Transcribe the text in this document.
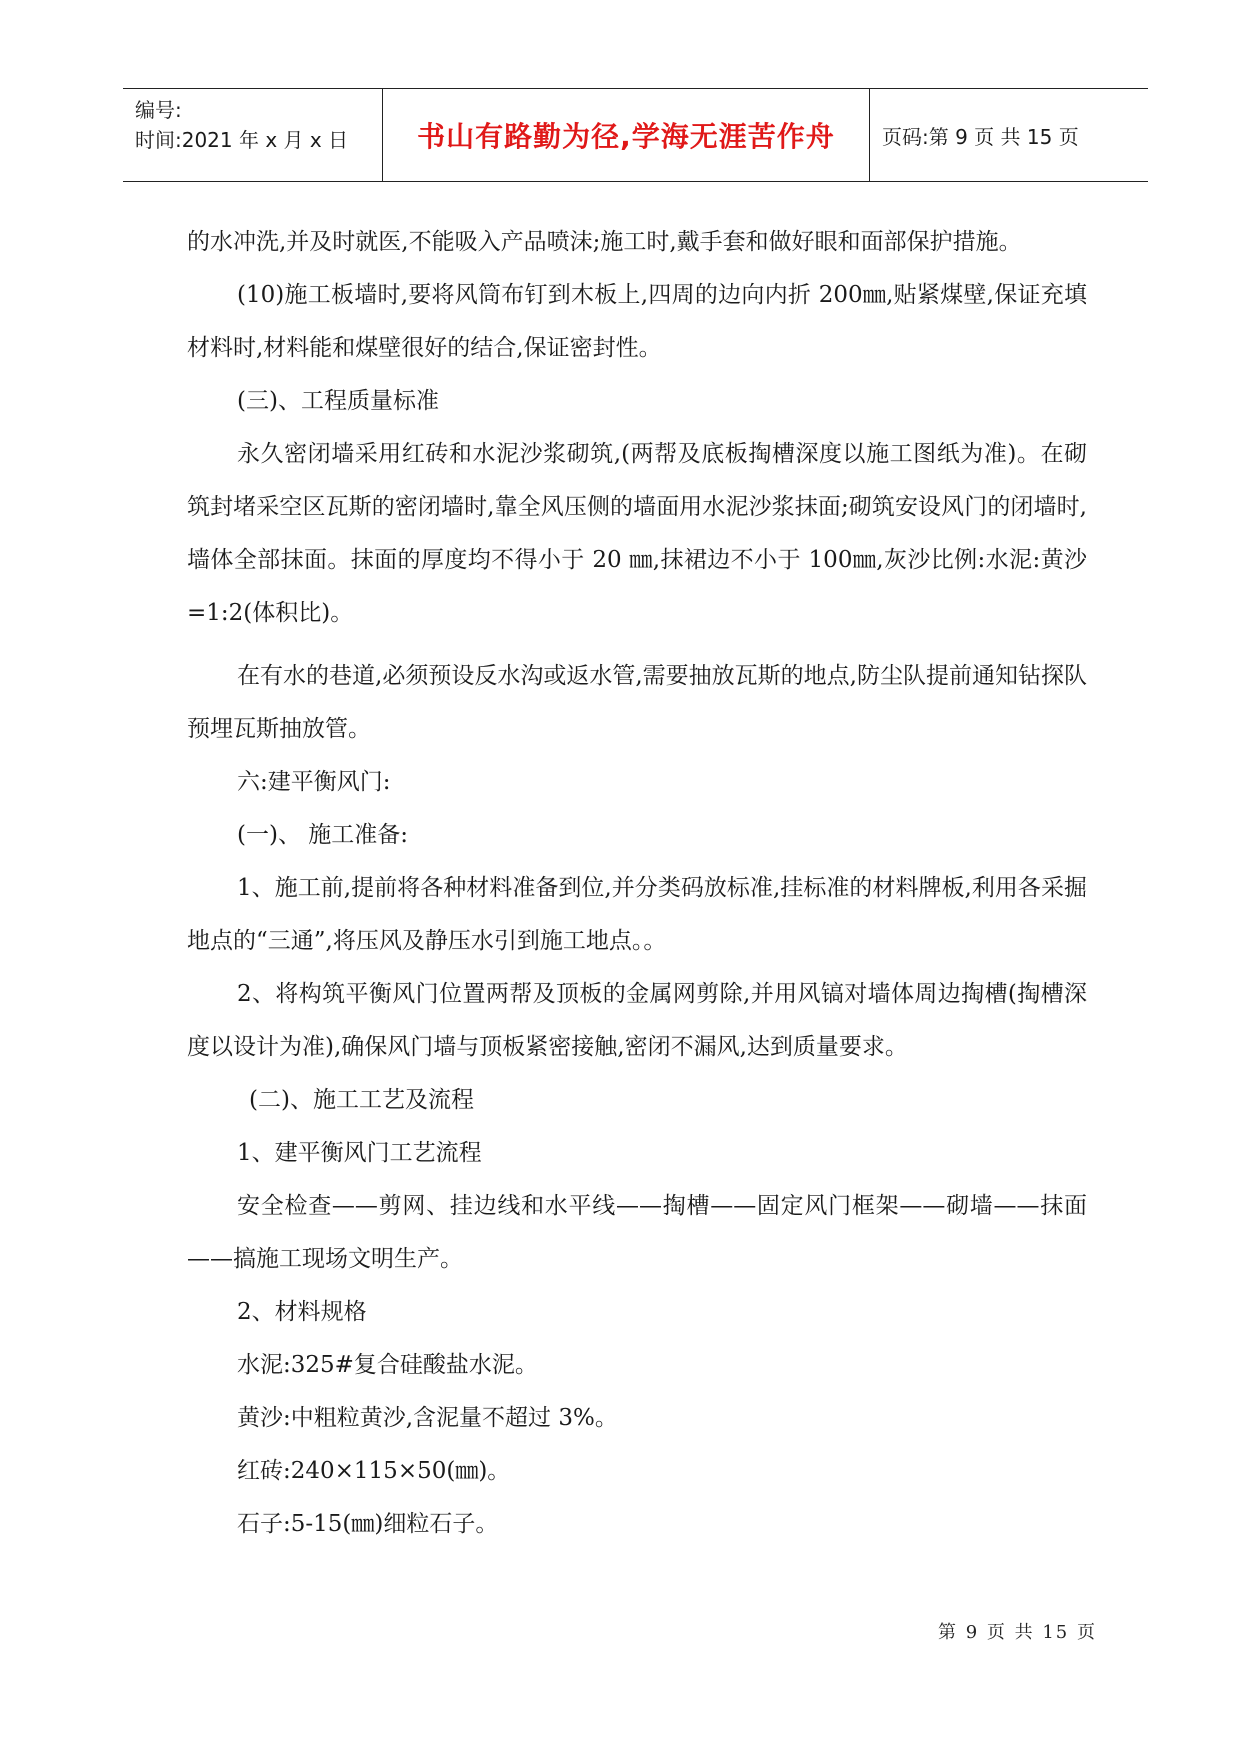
编号:
时间:2021 年 x 月 x 日	书山有路勤为径,学海无涯苦作舟	页码:第 9 页 共 15 页

的水冲洗,并及时就医,不能吸入产品喷沫;施工时,戴手套和做好眼和面部保护措施。

(10)施工板墙时,要将风筒布钉到木板上,四周的边向内折 200㎜,贴紧煤壁,保证充填材料时,材料能和煤壁很好的结合,保证密封性。

(三)、工程质量标准

永久密闭墙采用红砖和水泥沙浆砌筑,(两帮及底板掏槽深度以施工图纸为准)。在砌筑封堵采空区瓦斯的密闭墙时,靠全风压侧的墙面用水泥沙浆抹面;砌筑安设风门的闭墙时,墙体全部抹面。抹面的厚度均不得小于 20 ㎜,抹裙边不小于 100㎜,灰沙比例:水泥:黄沙=1:2(体积比)。

在有水的巷道,必须预设反水沟或返水管,需要抽放瓦斯的地点,防尘队提前通知钻探队预埋瓦斯抽放管。

六:建平衡风门:

(一)、 施工准备:

1、施工前,提前将各种材料准备到位,并分类码放标准,挂标准的材料牌板,利用各采掘地点的“三通”,将压风及静压水引到施工地点。。

2、将构筑平衡风门位置两帮及顶板的金属网剪除,并用风镐对墙体周边掏槽(掏槽深度以设计为准),确保风门墙与顶板紧密接触,密闭不漏风,达到质量要求。

(二)、施工工艺及流程

1、建平衡风门工艺流程

安全检查——剪网、挂边线和水平线——掏槽——固定风门框架——砌墙——抹面——搞施工现场文明生产。

2、材料规格

水泥:325#复合硅酸盐水泥。

黄沙:中粗粒黄沙,含泥量不超过 3%。

红砖:240×115×50(㎜)。

石子:5-15(㎜)细粒石子。

第 9 页 共 15 页
